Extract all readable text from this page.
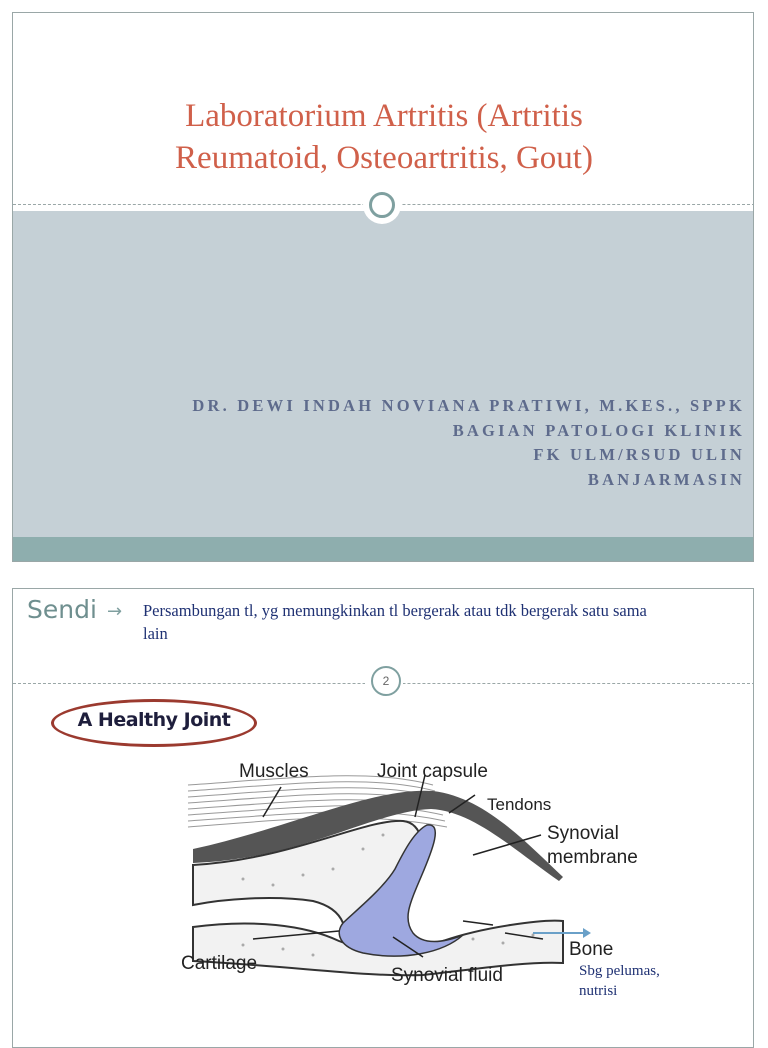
Laboratorium Artritis (Artritis
Reumatoid, Osteoartritis, Gout)
DR. DEWI INDAH NOVIANA PRATIWI, M.KES., SPPK
BAGIAN PATOLOGI KLINIK
FK ULM/RSUD ULIN
BANJARMASIN
Sendi → Persambungan tl, yg memungkinkan tl bergerak atau tdk bergerak satu sama lain
2
A Healthy Joint
Muscles	Joint capsule
Tendons
Synovial
membrane
Cartilage
Synovial fluid
Bone
Sbg pelumas,
nutrisi
